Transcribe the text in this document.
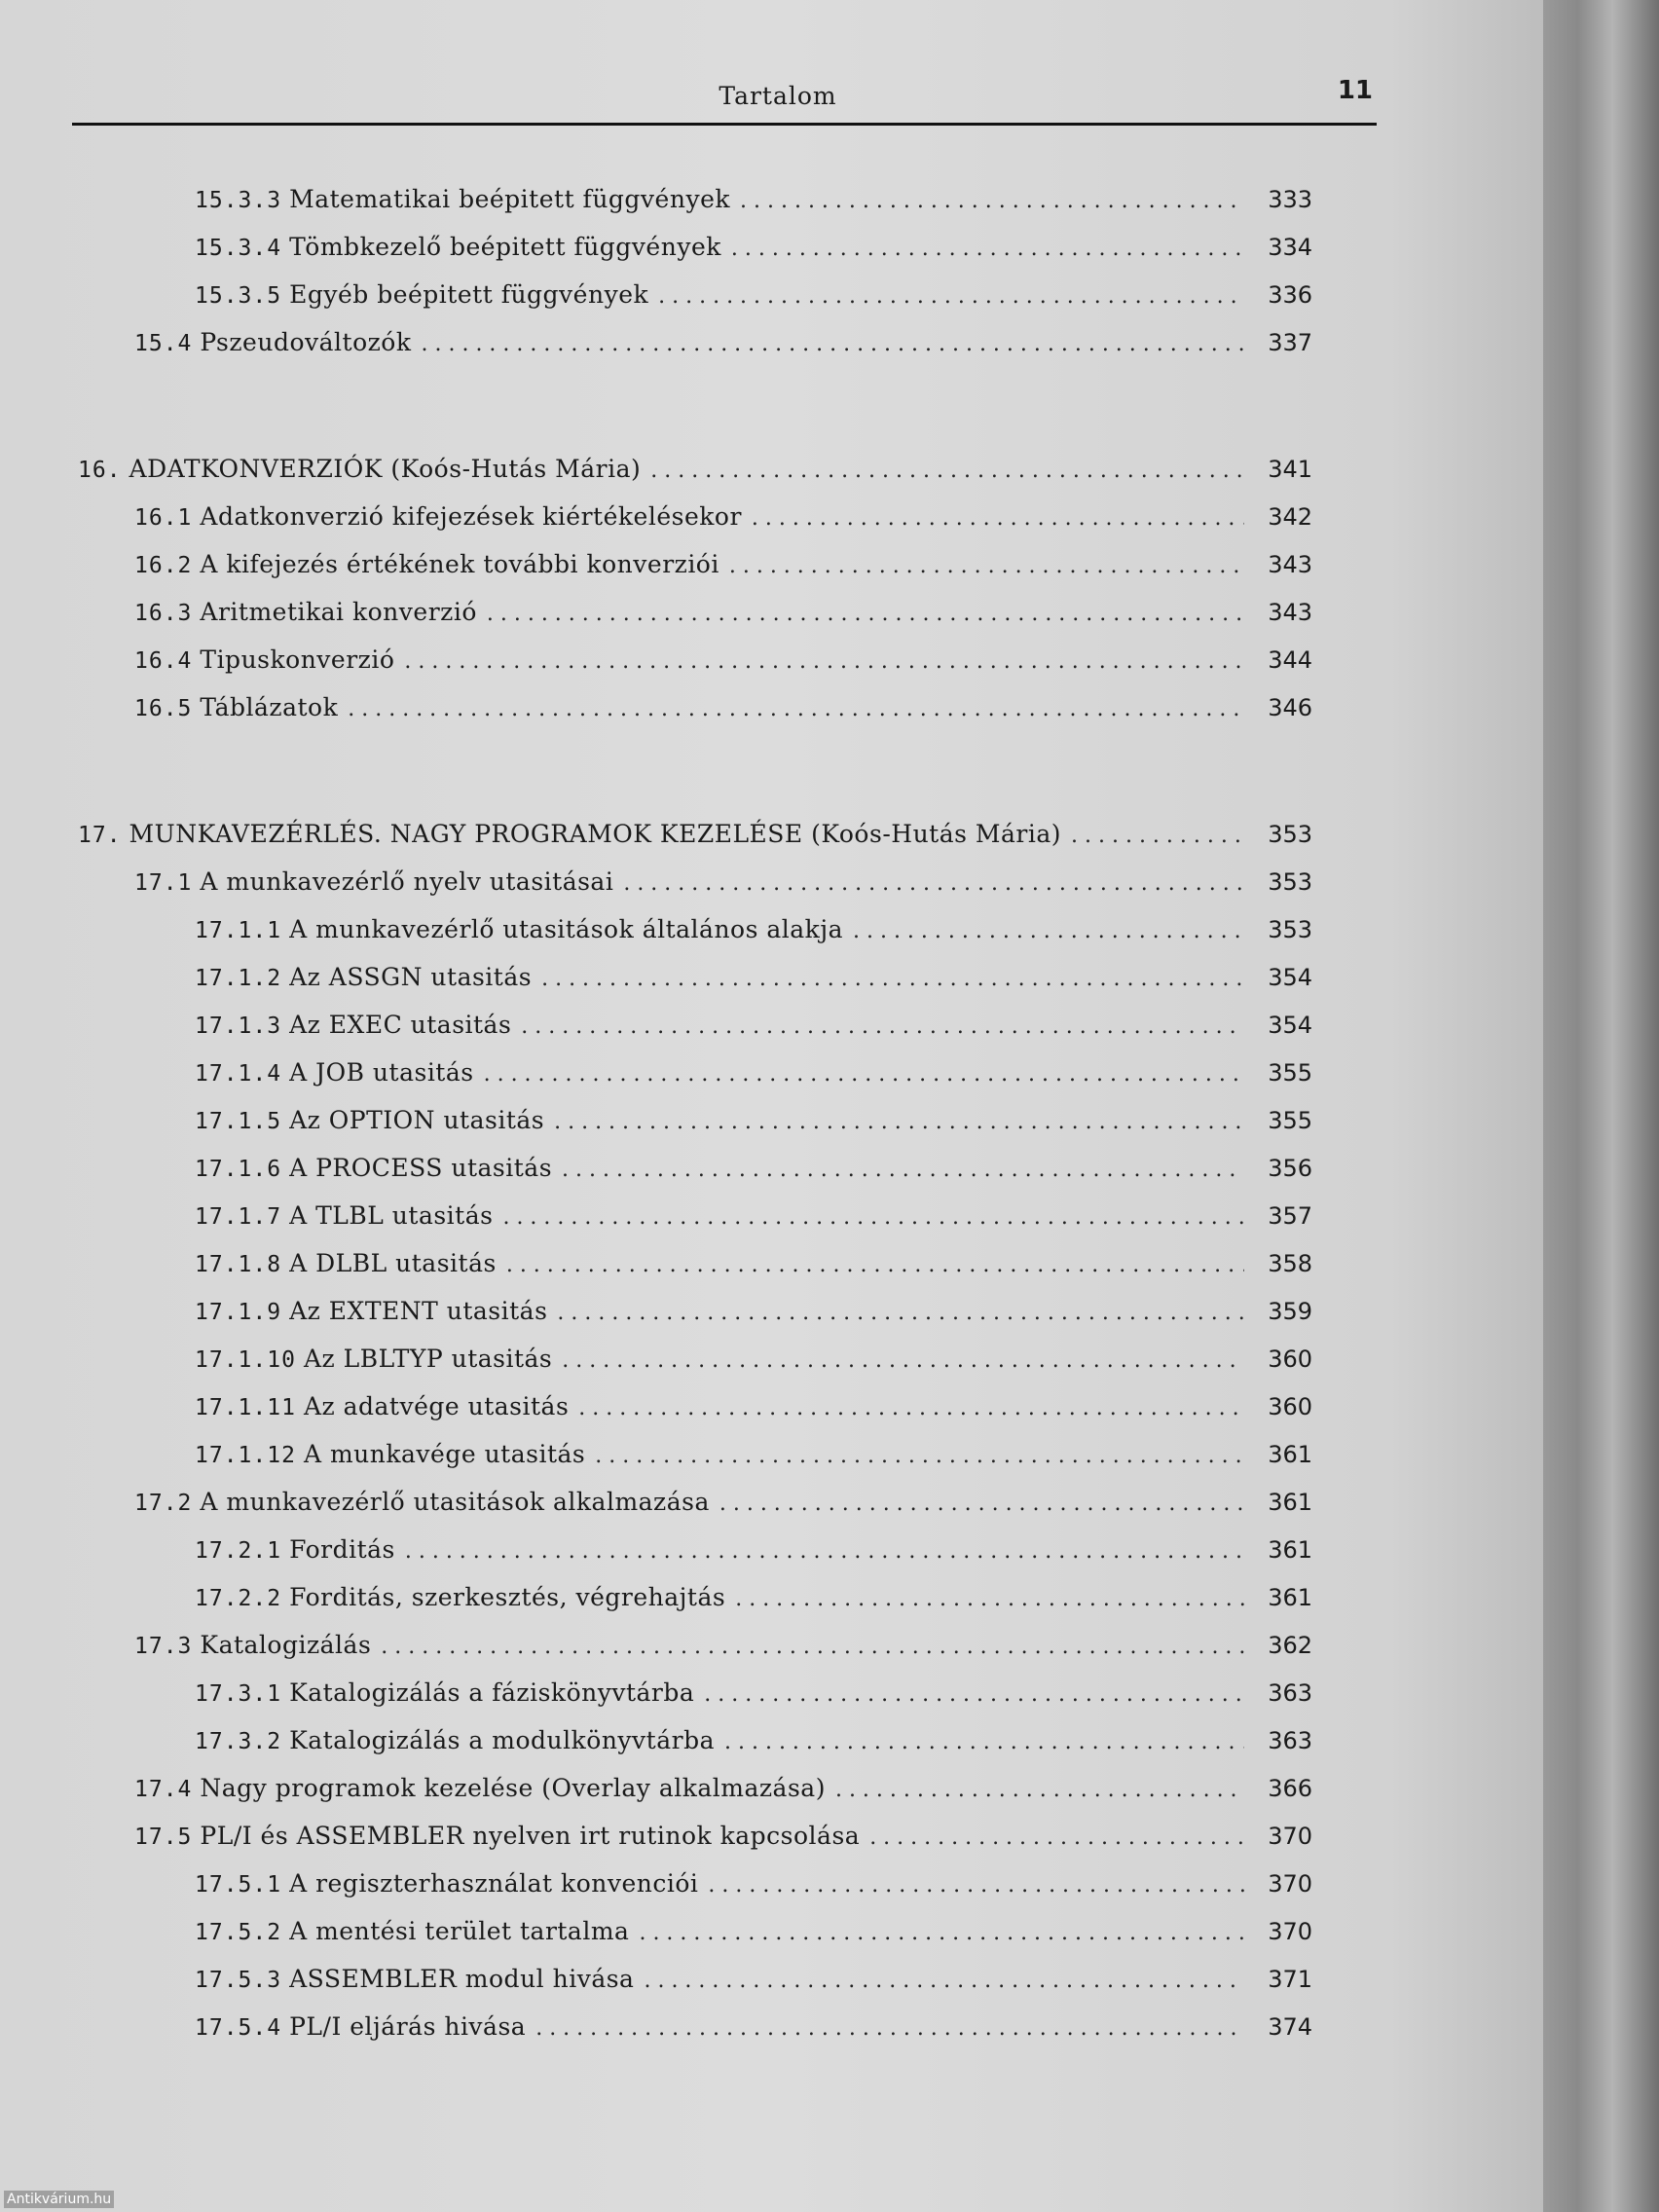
Tartalom	11
15.3.3 Matematikai beépitett függvények . . .	333
15.3.4 Tömbkezelő beépitett függvények . . .	334
15.3.5 Egyéb beépitett függvények . . .	336
15.4 Pszeudováltozók . . .	337
16. ADATKONVERZIÓK (Koós-Hutás Mária) . . .	341
16.1 Adatkonverzió kifejezések kiértékelésekor . . .	342
16.2 A kifejezés értékének további konverziói . . .	343
16.3 Aritmetikai konverzió . . .	343
16.4 Tipuskonverzió . . .	344
16.5 Táblázatok . . .	346
17. MUNKAVEZÉRLÉS. NAGY PROGRAMOK KEZELÉSE (Koós-Hutás Mária) . . .	353
17.1 A munkavezérlő nyelv utasitásai . . .	353
17.1.1 A munkavezérlő utasitások általános alakja . . .	353
17.1.2 Az ASSGN utasitás . . .	354
17.1.3 Az EXEC utasitás . . .	354
17.1.4 A JOB utasitás . . .	355
17.1.5 Az OPTION utasitás . . .	355
17.1.6 A PROCESS utasitás . . .	356
17.1.7 A TLBL utasitás . . .	357
17.1.8 A DLBL utasitás . . .	358
17.1.9 Az EXTENT utasitás . . .	359
17.1.10 Az LBLTYP utasitás . . .	360
17.1.11 Az adatvége utasitás . . .	360
17.1.12 A munkavége utasitás . . .	361
17.2 A munkavezérlő utasitások alkalmazása . . .	361
17.2.1 Forditás . . .	361
17.2.2 Forditás, szerkesztés, végrehajtás . . .	361
17.3 Katalogizálás . . .	362
17.3.1 Katalogizálás a fáziskönyvtárba . . .	363
17.3.2 Katalogizálás a modulkönyvtárba . . .	363
17.4 Nagy programok kezelése (Overlay alkalmazása) . . .	366
17.5 PL/I és ASSEMBLER nyelven irt rutinok kapcsolása . . .	370
17.5.1 A regiszterhasználat konvenciói . . .	370
17.5.2 A mentési terület tartalma . . .	370
17.5.3 ASSEMBLER modul hivása . . .	371
17.5.4 PL/I eljárás hivása . . .	374
Antikvárium.hu
